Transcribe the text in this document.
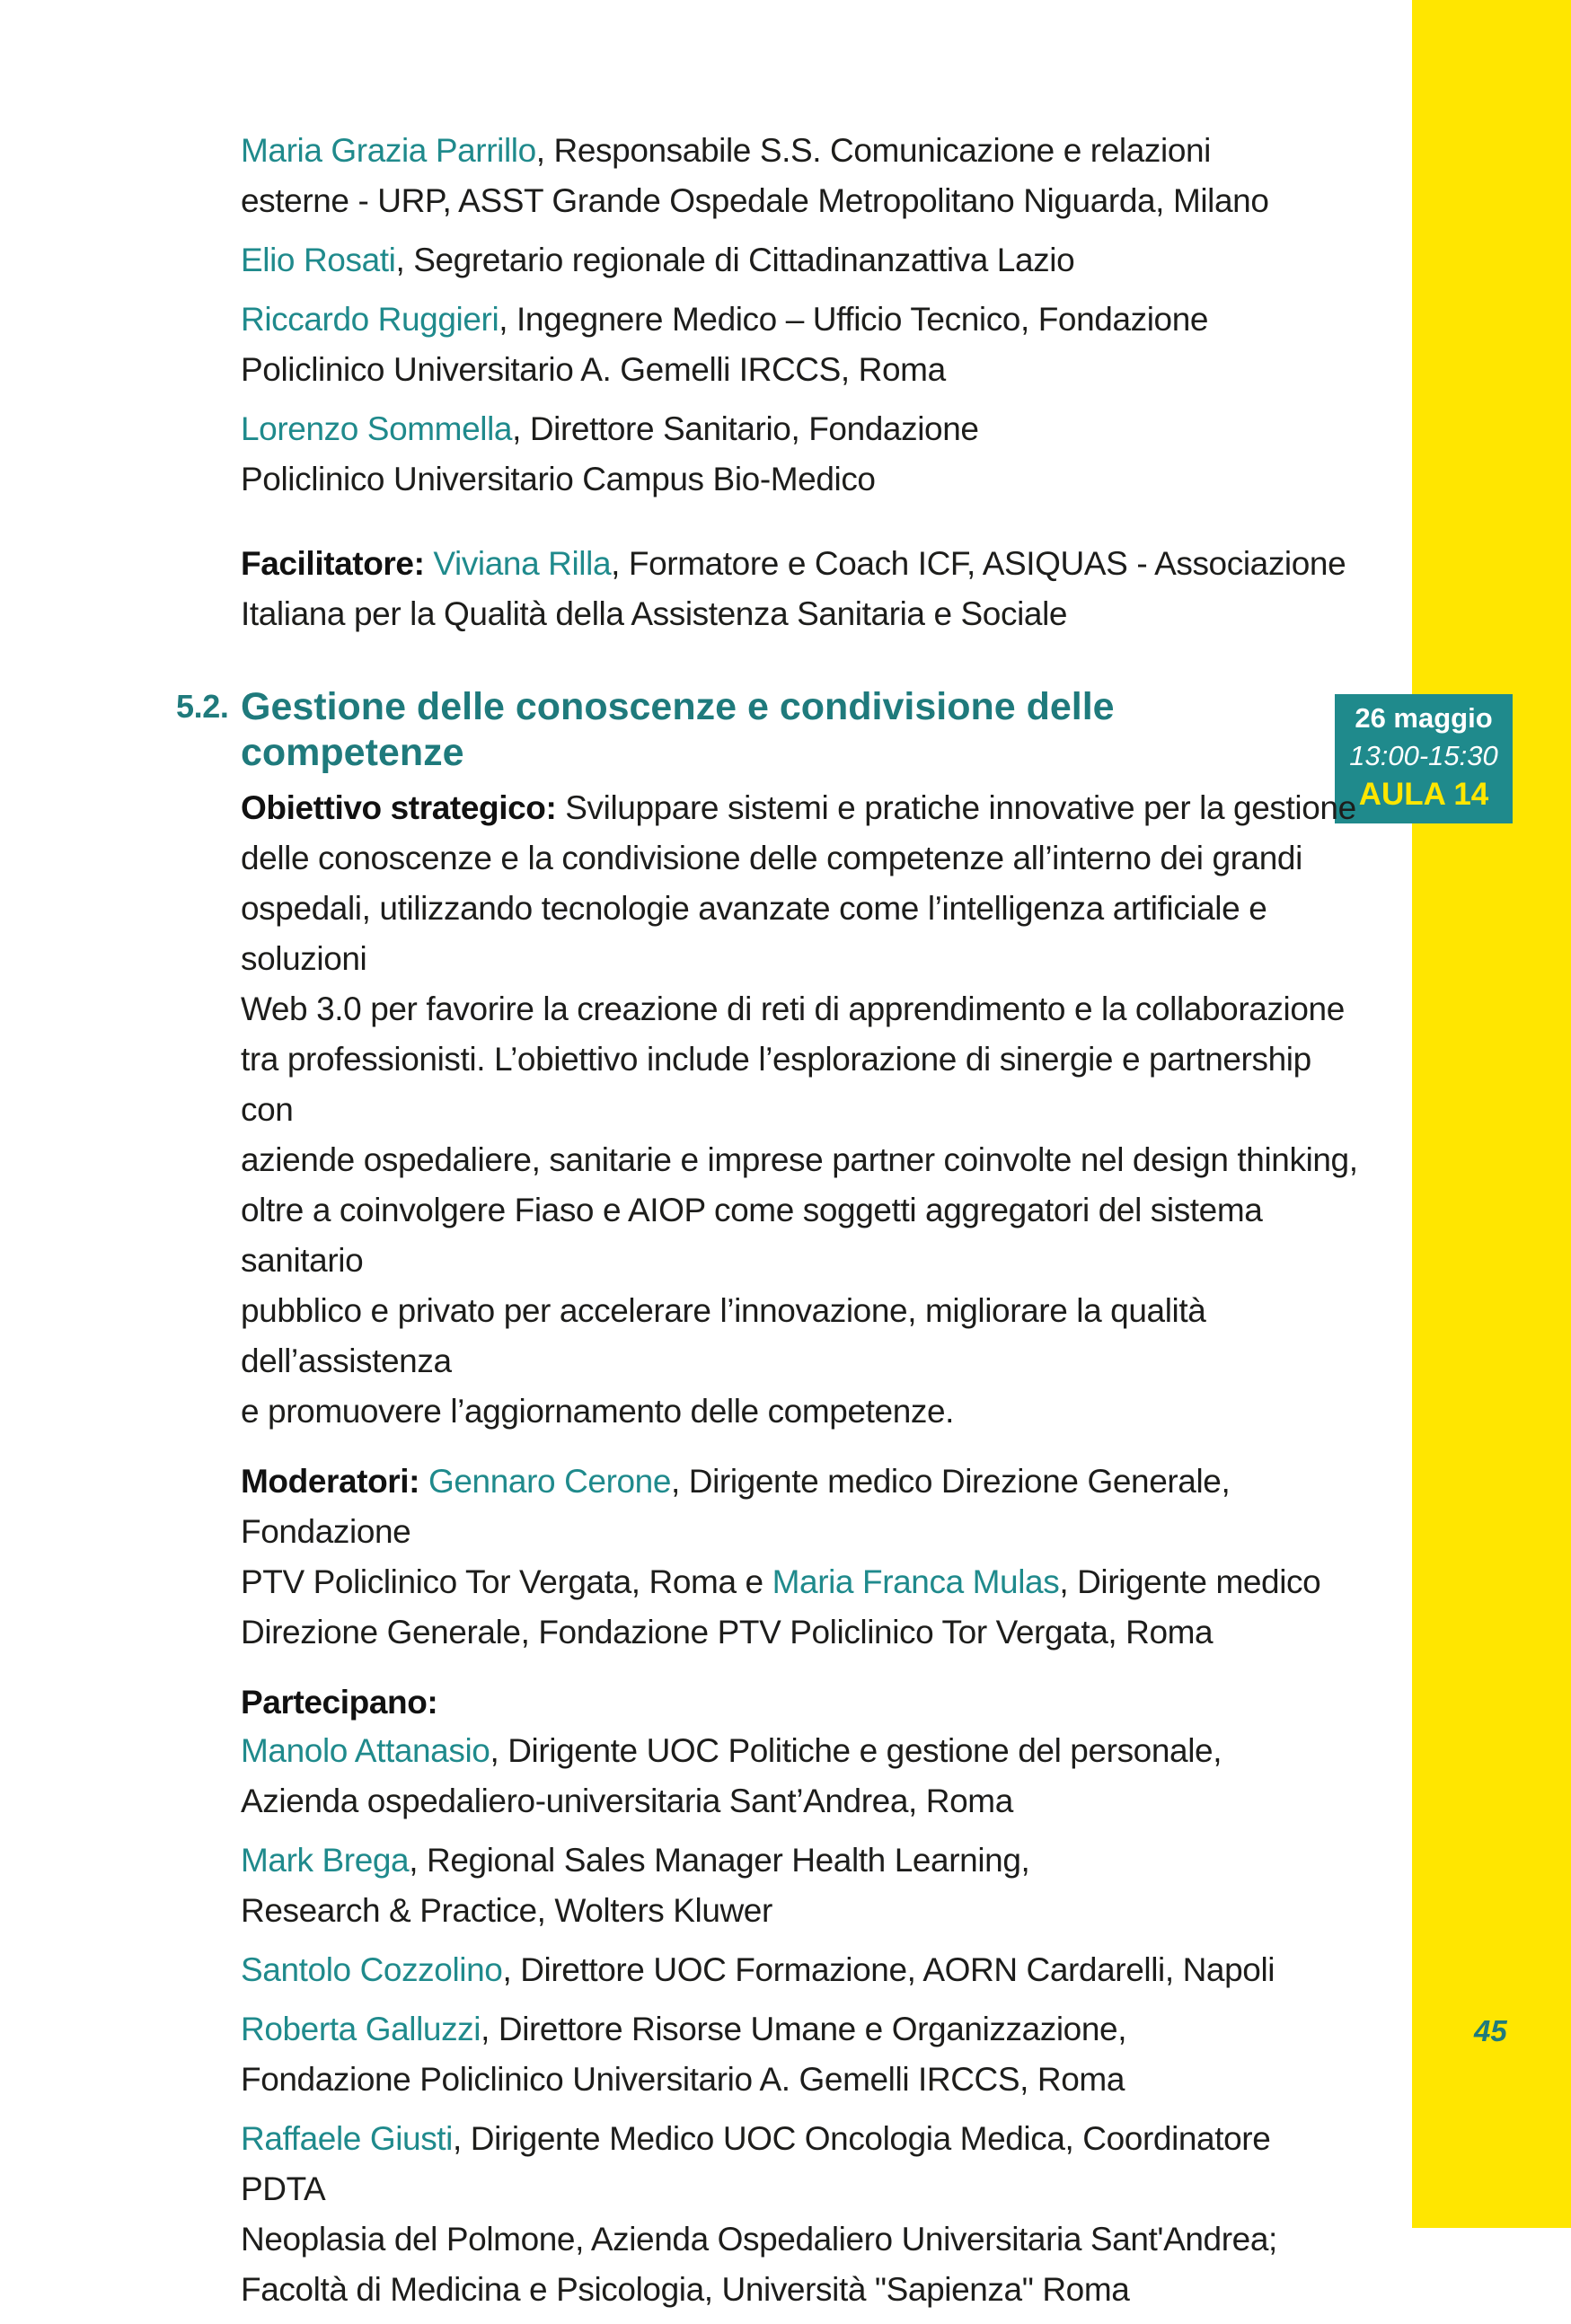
26 maggio
13:00-15:30
AULA 14
Maria Grazia Parrillo, Responsabile S.S. Comunicazione e relazioni
esterne - URP, ASST Grande Ospedale Metropolitano Niguarda, Milano
Elio Rosati, Segretario regionale di Cittadinanzattiva Lazio
Riccardo Ruggieri, Ingegnere Medico – Ufficio Tecnico, Fondazione
Policlinico Universitario A. Gemelli IRCCS, Roma
Lorenzo Sommella, Direttore Sanitario, Fondazione
Policlinico Universitario Campus Bio-Medico
Facilitatore: Viviana Rilla, Formatore e Coach ICF, ASIQUAS - Associazione
Italiana per la Qualità della Assistenza Sanitaria e Sociale
5.2. Gestione delle conoscenze e condivisione delle
competenze
Obiettivo strategico: Sviluppare sistemi e pratiche innovative per la gestione
delle conoscenze e la condivisione delle competenze all’interno dei grandi
ospedali, utilizzando tecnologie avanzate come l’intelligenza artificiale e soluzioni
Web 3.0 per favorire la creazione di reti di apprendimento e la collaborazione
tra professionisti. L’obiettivo include l’esplorazione di sinergie e partnership con
aziende ospedaliere, sanitarie e imprese partner coinvolte nel design thinking,
oltre a coinvolgere Fiaso e AIOP come soggetti aggregatori del sistema sanitario
pubblico e privato per accelerare l’innovazione, migliorare la qualità dell’assistenza
e promuovere l’aggiornamento delle competenze.
Moderatori: Gennaro Cerone, Dirigente medico Direzione Generale, Fondazione
PTV Policlinico Tor Vergata, Roma e Maria Franca Mulas, Dirigente medico
Direzione Generale, Fondazione PTV Policlinico Tor Vergata, Roma
Partecipano:
Manolo Attanasio, Dirigente UOC Politiche e gestione del personale,
Azienda ospedaliero-universitaria Sant’Andrea, Roma
Mark Brega, Regional Sales Manager Health Learning,
Research & Practice, Wolters Kluwer
Santolo Cozzolino, Direttore UOC Formazione, AORN Cardarelli, Napoli
Roberta Galluzzi, Direttore Risorse Umane e Organizzazione,
Fondazione Policlinico Universitario A. Gemelli IRCCS, Roma
Raffaele Giusti, Dirigente Medico UOC Oncologia Medica, Coordinatore PDTA
Neoplasia del Polmone, Azienda Ospedaliero Universitaria Sant'Andrea;
Facoltà di Medicina e Psicologia, Università "Sapienza" Roma
45
